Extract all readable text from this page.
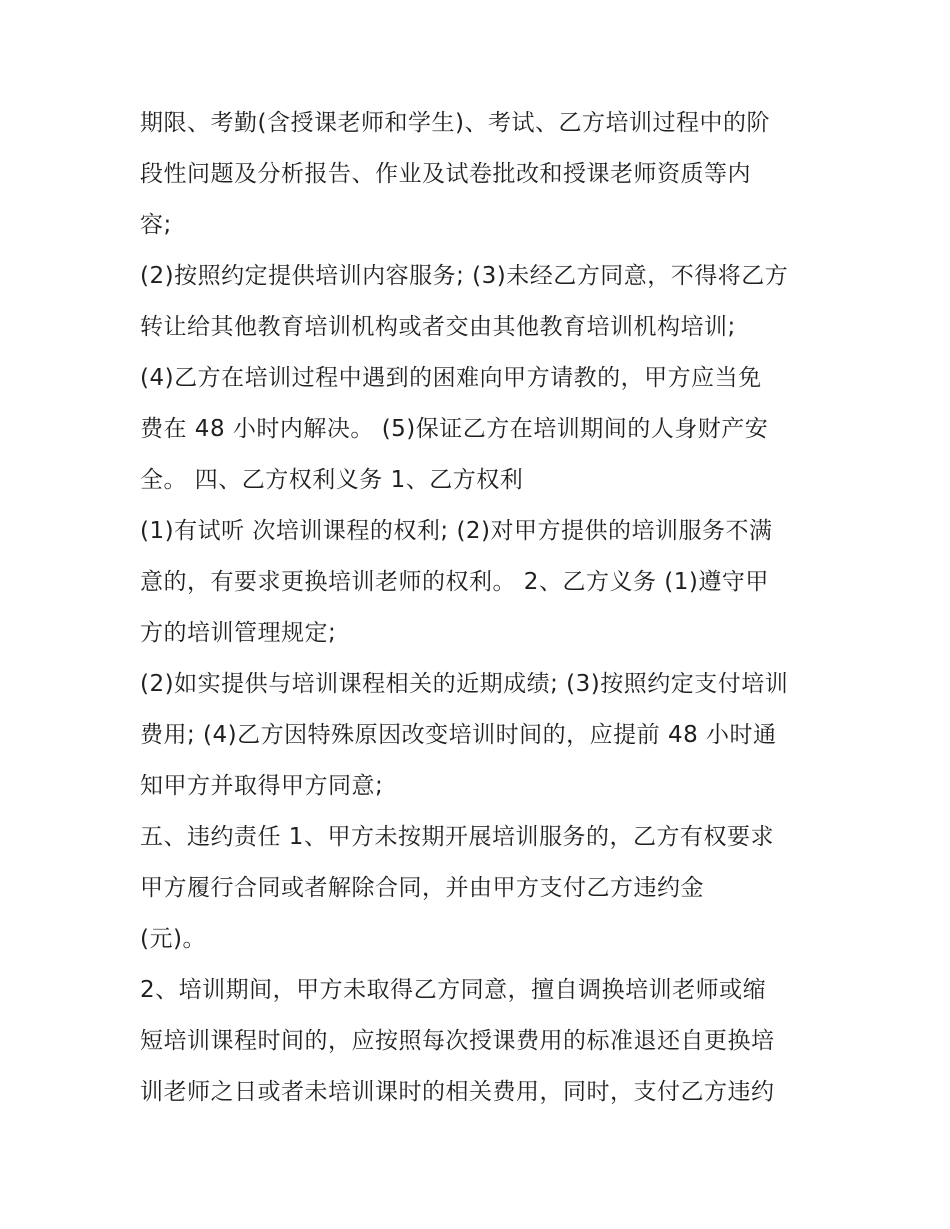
期限、考勤(含授课老师和学生)、考试、乙方培训过程中的阶
段性问题及分析报告、作业及试卷批改和授课老师资质等内
容;
(2)按照约定提供培训内容服务; (3)未经乙方同意，不得将乙方
转让给其他教育培训机构或者交由其他教育培训机构培训;
(4)乙方在培训过程中遇到的困难向甲方请教的，甲方应当免
费在 48 小时内解决。 (5)保证乙方在培训期间的人身财产安
全。 四、乙方权利义务 1、乙方权利
(1)有试听 次培训课程的权利; (2)对甲方提供的培训服务不满
意的，有要求更换培训老师的权利。 2、乙方义务 (1)遵守甲
方的培训管理规定;
(2)如实提供与培训课程相关的近期成绩; (3)按照约定支付培训
费用; (4)乙方因特殊原因改变培训时间的，应提前 48 小时通
知甲方并取得甲方同意;
五、违约责任 1、甲方未按期开展培训服务的，乙方有权要求
甲方履行合同或者解除合同，并由甲方支付乙方违约金
(元)。
2、培训期间，甲方未取得乙方同意，擅自调换培训老师或缩
短培训课程时间的，应按照每次授课费用的标准退还自更换培
训老师之日或者未培训课时的相关费用，同时，支付乙方违约
